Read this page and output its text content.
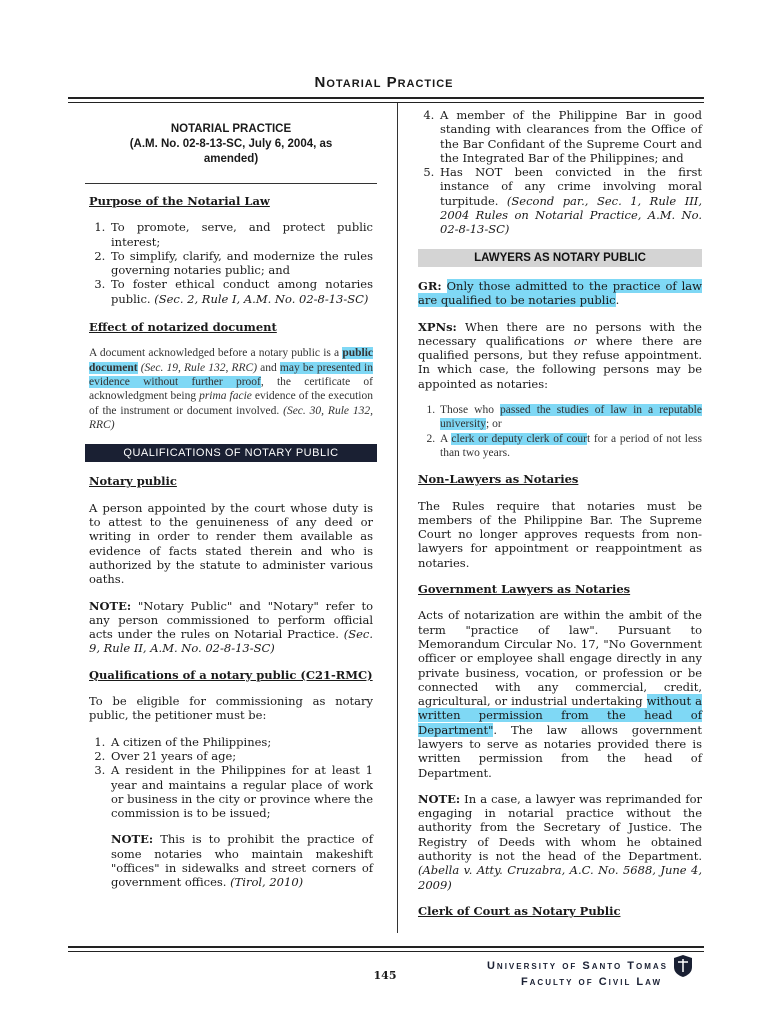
Notarial Practice
NOTARIAL PRACTICE
(A.M. No. 02-8-13-SC, July 6, 2004, as
amended)

Purpose of the Notarial Law

1. To promote, serve, and protect public interest;
2. To simplify, clarify, and modernize the rules governing notaries public; and
3. To foster ethical conduct among notaries public. (Sec. 2, Rule I, A.M. No. 02-8-13-SC)

Effect of notarized document

A document acknowledged before a notary public is a public document (Sec. 19, Rule 132, RRC) and may be presented in evidence without further proof, the certificate of acknowledgment being prima facie evidence of the execution of the instrument or document involved. (Sec. 30, Rule 132, RRC)

QUALIFICATIONS OF NOTARY PUBLIC

Notary public

A person appointed by the court whose duty is to attest to the genuineness of any deed or writing in order to render them available as evidence of facts stated therein and who is authorized by the statute to administer various oaths.

NOTE: "Notary Public" and "Notary" refer to any person commissioned to perform official acts under the rules on Notarial Practice. (Sec. 9, Rule II, A.M. No. 02-8-13-SC)

Qualifications of a notary public (C21-RMC)

To be eligible for commissioning as notary public, the petitioner must be:

1. A citizen of the Philippines;
2. Over 21 years of age;
3. A resident in the Philippines for at least 1 year and maintains a regular place of work or business in the city or province where the commission is to be issued;

NOTE: This is to prohibit the practice of some notaries who maintain makeshift "offices" in sidewalks and street corners of government offices. (Tirol, 2010)

4. A member of the Philippine Bar in good standing with clearances from the Office of the Bar Confidant of the Supreme Court and the Integrated Bar of the Philippines; and
5. Has NOT been convicted in the first instance of any crime involving moral turpitude. (Second par., Sec. 1, Rule III, 2004 Rules on Notarial Practice, A.M. No. 02-8-13-SC)
LAWYERS AS NOTARY PUBLIC

GR: Only those admitted to the practice of law are qualified to be notaries public.

XPNs: When there are no persons with the necessary qualifications or where there are qualified persons, but they refuse appointment. In which case, the following persons may be appointed as notaries:

1. Those who passed the studies of law in a reputable university; or
2. A clerk or deputy clerk of court for a period of not less than two years.

Non-Lawyers as Notaries

The Rules require that notaries must be members of the Philippine Bar. The Supreme Court no longer approves requests from non-lawyers for appointment or reappointment as notaries.

Government Lawyers as Notaries

Acts of notarization are within the ambit of the term "practice of law". Pursuant to Memorandum Circular No. 17, "No Government officer or employee shall engage directly in any private business, vocation, or profession or be connected with any commercial, credit, agricultural, or industrial undertaking without a written permission from the head of Department". The law allows government lawyers to serve as notaries provided there is written permission from the head of Department.

NOTE: In a case, a lawyer was reprimanded for engaging in notarial practice without the authority from the Secretary of Justice. The Registry of Deeds with whom he obtained authority is not the head of the Department. (Abella v. Atty. Cruzabra, A.C. No. 5688, June 4, 2009)

Clerk of Court as Notary Public

145
University of Santo Tomas
Faculty of Civil Law
